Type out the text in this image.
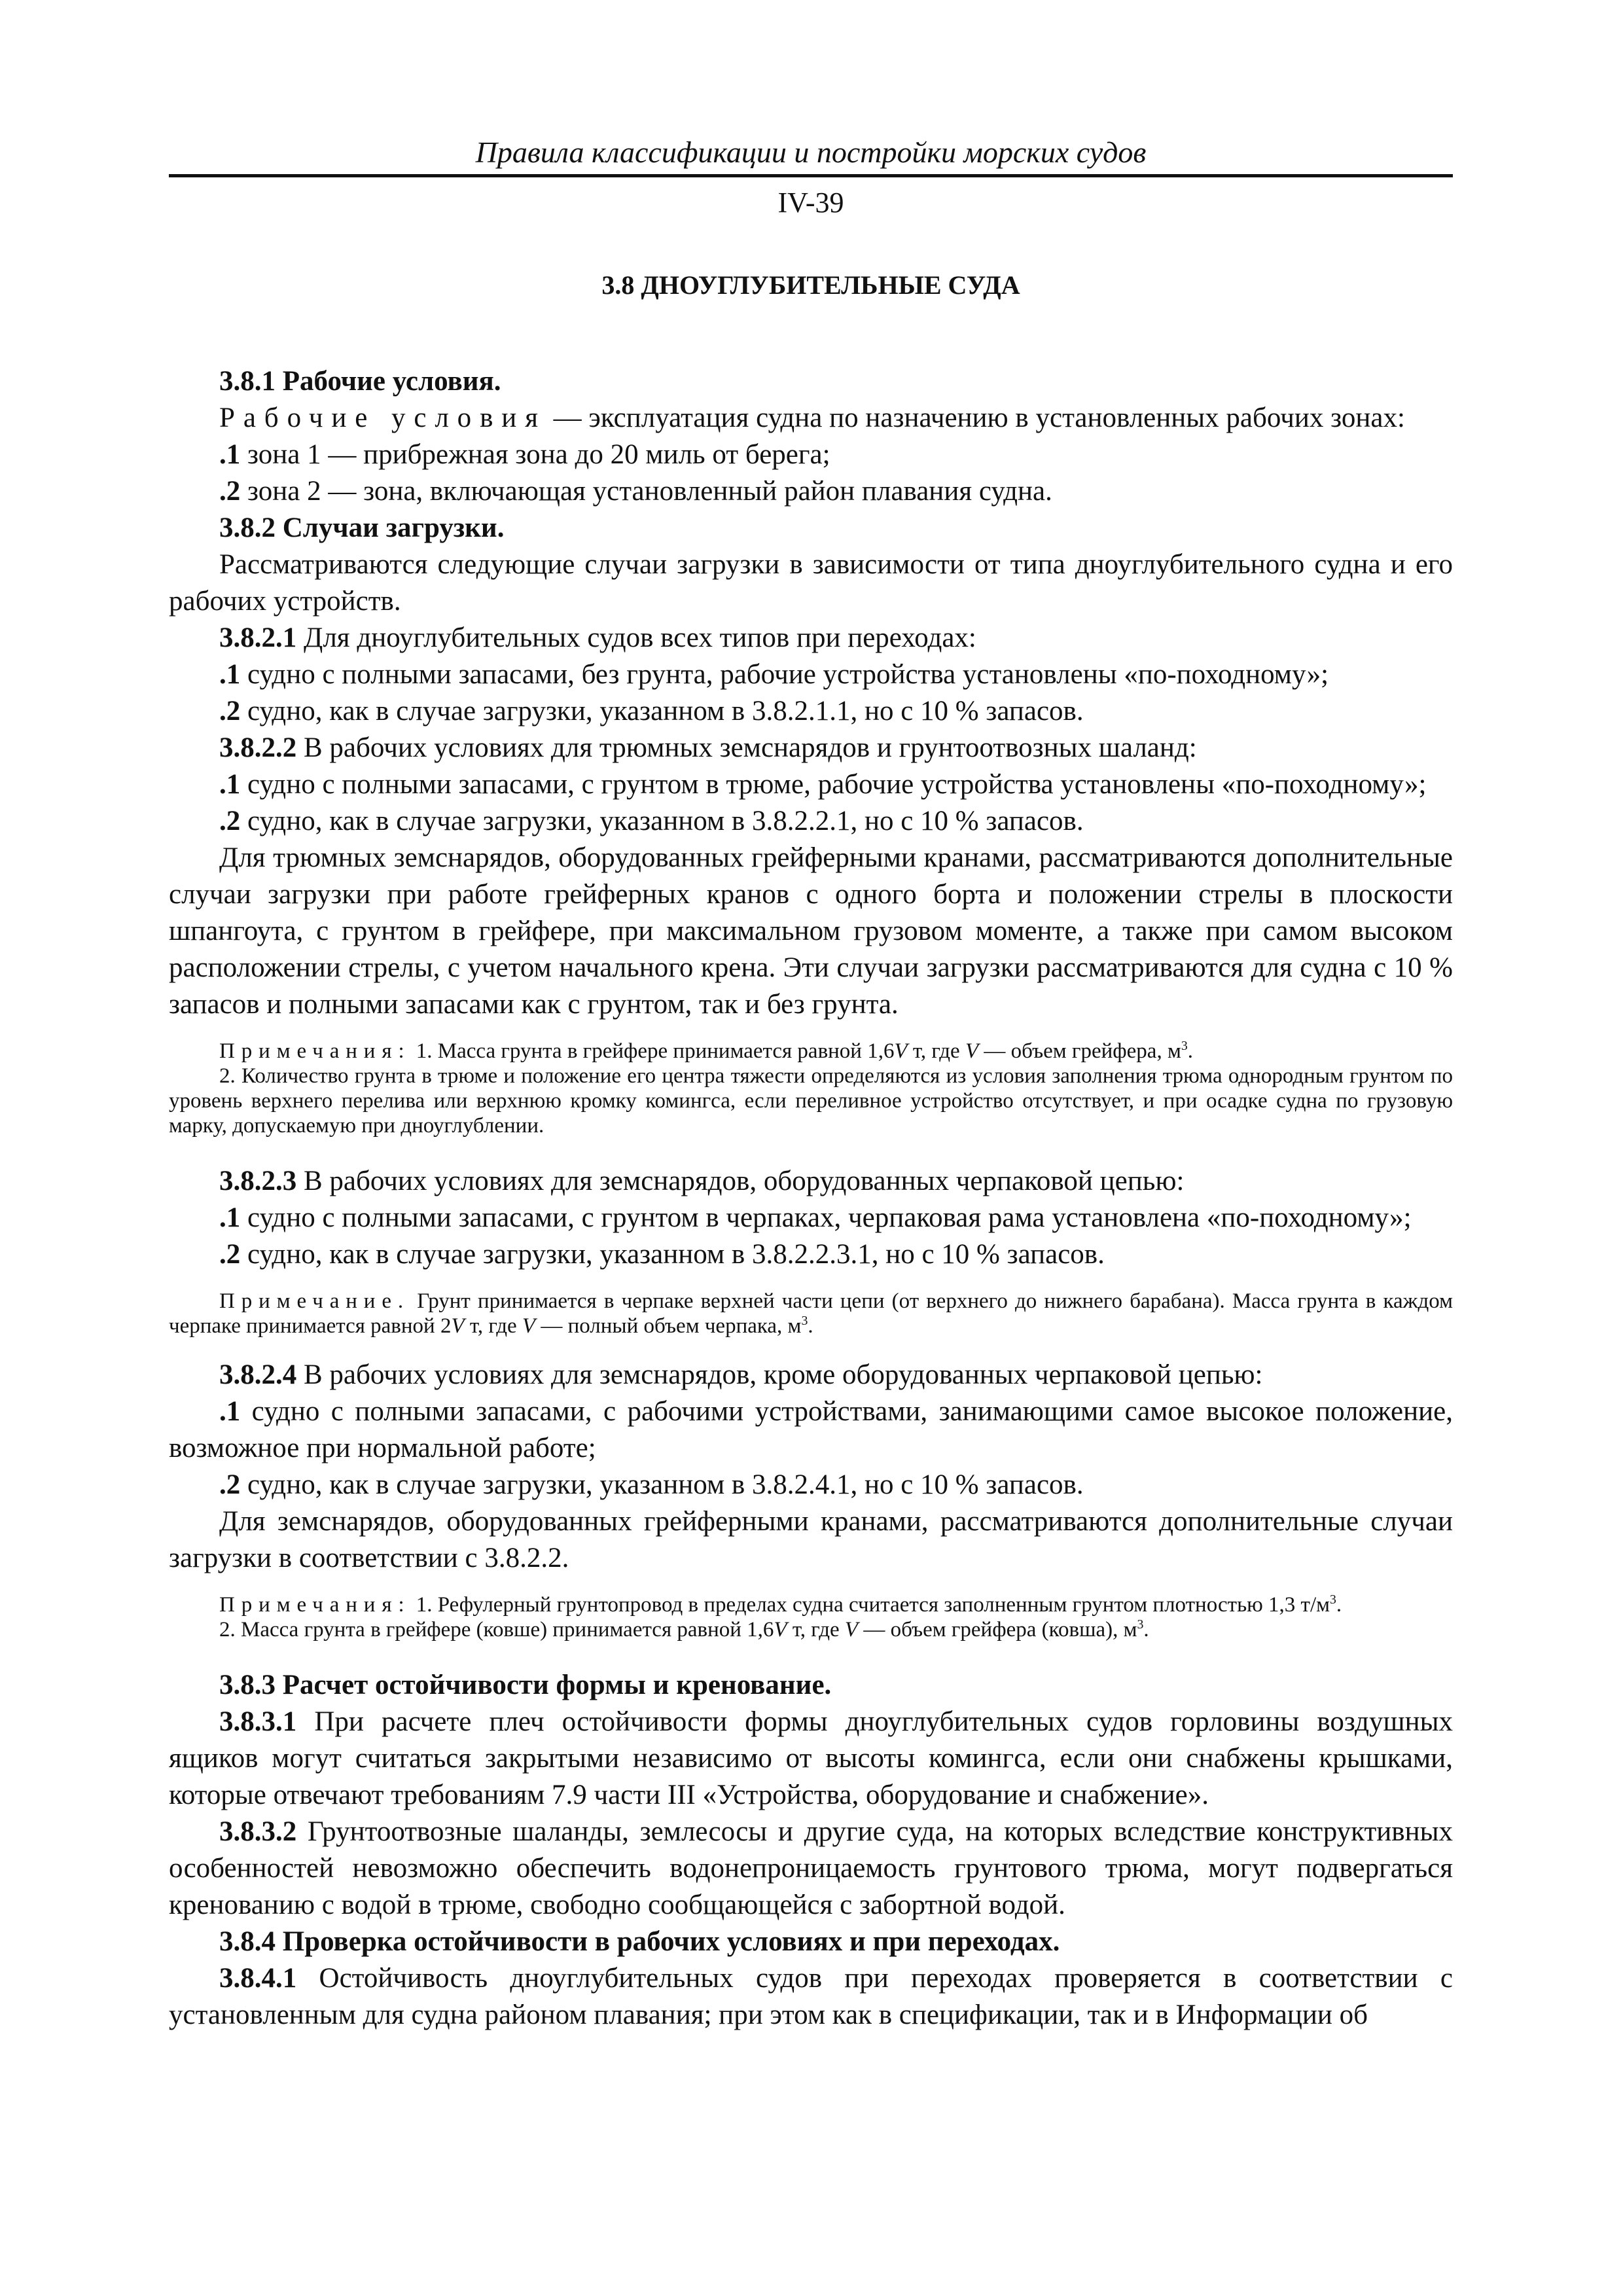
Правила классификации и постройки морских судов
IV-39
3.8 ДНОУГЛУБИТЕЛЬНЫЕ СУДА

3.8.1 Рабочие условия.

Рабочие условия — эксплуатация судна по назначению в установленных рабочих зонах:

.1 зона 1 — прибрежная зона до 20 миль от берега;

.2 зона 2 — зона, включающая установленный район плавания судна.

3.8.2 Случаи загрузки.

Рассматриваются следующие случаи загрузки в зависимости от типа дноуглубительного судна и его рабочих устройств.

3.8.2.1 Для дноуглубительных судов всех типов при переходах:

.1 судно с полными запасами, без грунта, рабочие устройства установлены «по-походному»;

.2 судно, как в случае загрузки, указанном в 3.8.2.1.1, но с 10 % запасов.

3.8.2.2 В рабочих условиях для трюмных земснарядов и грунтоотвозных шаланд:

.1 судно с полными запасами, с грунтом в трюме, рабочие устройства установлены «по-походному»;

.2 судно, как в случае загрузки, указанном в 3.8.2.2.1, но с 10 % запасов.

Для трюмных земснарядов, оборудованных грейферными кранами, рассматриваются дополнительные случаи загрузки при работе грейферных кранов с одного борта и положении стрелы в плоскости шпангоута, с грунтом в грейфере, при максимальном грузовом моменте, а также при самом высоком расположении стрелы, с учетом начального крена. Эти случаи загрузки рассматриваются для судна с 10 % запасов и полными запасами как с грунтом, так и без грунта.

Примечания: 1. Масса грунта в грейфере принимается равной 1,6V т, где V — объем грейфера, $м^3$.

2. Количество грунта в трюме и положение его центра тяжести определяются из условия заполнения трюма однородным грунтом по уровень верхнего перелива или верхнюю кромку комингса, если переливное устройство отсутствует, и при осадке судна по грузовую марку, допускаемую при дноуглублении.

3.8.2.3 В рабочих условиях для земснарядов, оборудованных черпаковой цепью:

.1 судно с полными запасами, с грунтом в черпаках, черпаковая рама установлена «по-походному»;

.2 судно, как в случае загрузки, указанном в 3.8.2.2.3.1, но с 10 % запасов.

Примечание. Грунт принимается в черпаке верхней части цепи (от верхнего до нижнего барабана). Масса грунта в каждом черпаке принимается равной 2V т, где V — полный объем черпака, $м^3$.

3.8.2.4 В рабочих условиях для земснарядов, кроме оборудованных черпаковой цепью:

.1 судно с полными запасами, с рабочими устройствами, занимающими самое высокое положение, возможное при нормальной работе;

.2 судно, как в случае загрузки, указанном в 3.8.2.4.1, но с 10 % запасов.

Для земснарядов, оборудованных грейферными кранами, рассматриваются дополнительные случаи загрузки в соответствии с 3.8.2.2.

Примечания: 1. Рефулерный грунтопровод в пределах судна считается заполненным грунтом плотностью 1,3 $т/м^3$.

2. Масса грунта в грейфере (ковше) принимается равной 1,6V т, где V — объем грейфера (ковша), $м^3$.

3.8.3 Расчет остойчивости формы и кренование.

3.8.3.1 При расчете плеч остойчивости формы дноуглубительных судов горловины воздушных ящиков могут считаться закрытыми независимо от высоты комингса, если они снабжены крышками, которые отвечают требованиям 7.9 части III «Устройства, оборудование и снабжение».

3.8.3.2 Грунтоотвозные шаланды, землесосы и другие суда, на которых вследствие конструктивных особенностей невозможно обеспечить водонепроницаемость грунтового трюма, могут подвергаться кренованию с водой в трюме, свободно сообщающейся с забортной водой.

3.8.4 Проверка остойчивости в рабочих условиях и при переходах.

3.8.4.1 Остойчивость дноуглубительных судов при переходах проверяется в соответствии с установленным для судна районом плавания; при этом как в спецификации, так и в Информации об
